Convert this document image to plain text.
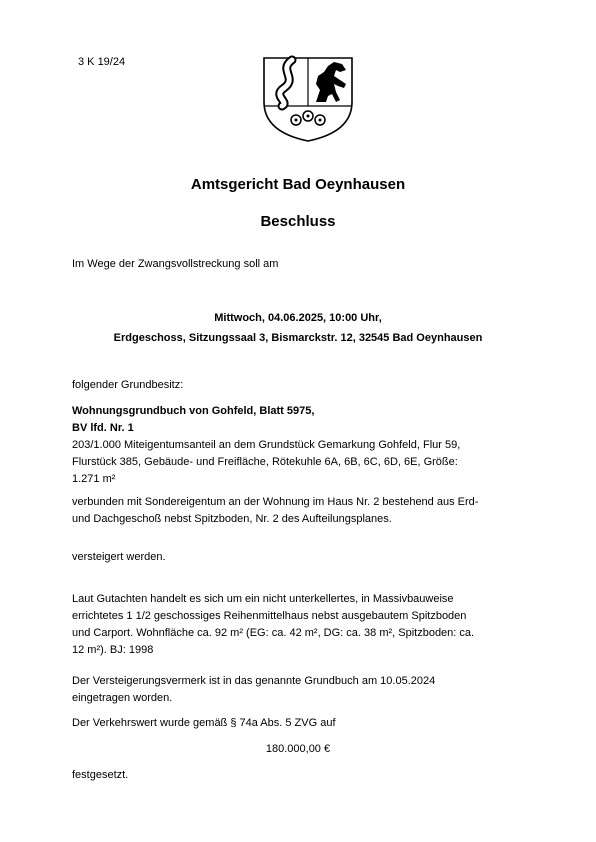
3 K 19/24
Amtsgericht Bad Oeynhausen
Beschluss
Im Wege der Zwangsvollstreckung soll am
Mittwoch, 04.06.2025, 10:00 Uhr,
Erdgeschoss, Sitzungssaal 3, Bismarckstr. 12, 32545 Bad Oeynhausen
folgender Grundbesitz:
Wohnungsgrundbuch von Gohfeld, Blatt 5975,
BV lfd. Nr. 1
203/1.000 Miteigentumsanteil an dem Grundstück Gemarkung Gohfeld, Flur 59,
Flurstück 385, Gebäude- und Freifläche, Rötekuhle 6A, 6B, 6C, 6D, 6E, Größe:
1.271 m²
verbunden mit Sondereigentum an der Wohnung im Haus Nr. 2 bestehend aus Erd-
und Dachgeschoß nebst Spitzboden, Nr. 2 des Aufteilungsplanes.
versteigert werden.
Laut Gutachten handelt es sich um ein nicht unterkellertes, in Massivbauweise
errichtetes 1 1/2 geschossiges Reihenmittelhaus nebst ausgebautem Spitzboden
und Carport. Wohnfläche ca. 92 m² (EG: ca. 42 m², DG: ca. 38 m², Spitzboden: ca.
12 m²). BJ: 1998
Der Versteigerungsvermerk ist in das genannte Grundbuch am 10.05.2024
eingetragen worden.
Der Verkehrswert wurde gemäß § 74a Abs. 5 ZVG auf
180.000,00 €
festgesetzt.
